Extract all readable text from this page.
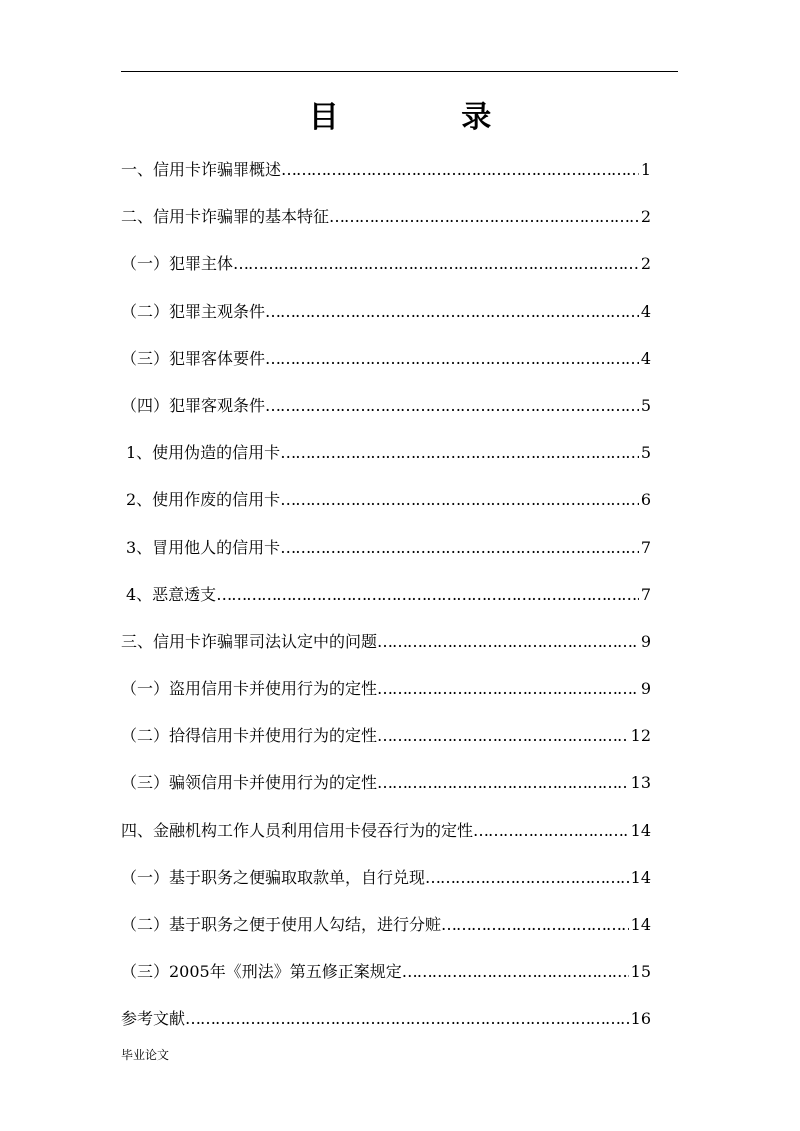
目 录
一、信用卡诈骗罪概述 …………………………………………………………………………………………………………………………………………………	1
二、信用卡诈骗罪的基本特征 …………………………………………………………………………………………………………………………………………………	2
（一）犯罪主体 …………………………………………………………………………………………………………………………………………………	2
（二）犯罪主观条件 …………………………………………………………………………………………………………………………………………………	4
（三）犯罪客体要件 …………………………………………………………………………………………………………………………………………………	4
（四）犯罪客观条件 …………………………………………………………………………………………………………………………………………………	5
1、使用伪造的信用卡 …………………………………………………………………………………………………………………………………………………	5
2、使用作废的信用卡 …………………………………………………………………………………………………………………………………………………	6
3、冒用他人的信用卡 …………………………………………………………………………………………………………………………………………………	7
4、恶意透支 …………………………………………………………………………………………………………………………………………………	7
三、信用卡诈骗罪司法认定中的问题 …………………………………………………………………………………………………………………………………………………	9
（一）盗用信用卡并使用行为的定性 …………………………………………………………………………………………………………………………………………………	9
（二）拾得信用卡并使用行为的定性 …………………………………………………………………………………………………………………………………………………	12
（三）骗领信用卡并使用行为的定性 …………………………………………………………………………………………………………………………………………………	13
四、金融机构工作人员利用信用卡侵吞行为的定性 …………………………………………………………………………………………………………………………………………………	14
（一）基于职务之便骗取取款单，自行兑现 …………………………………………………………………………………………………………………………………………………	14
（二）基于职务之便于使用人勾结，进行分赃 …………………………………………………………………………………………………………………………………………………	14
（三）2005年《刑法》第五修正案规定 …………………………………………………………………………………………………………………………………………………	15
参考文献 …………………………………………………………………………………………………………………………………………………	16
毕业论文
